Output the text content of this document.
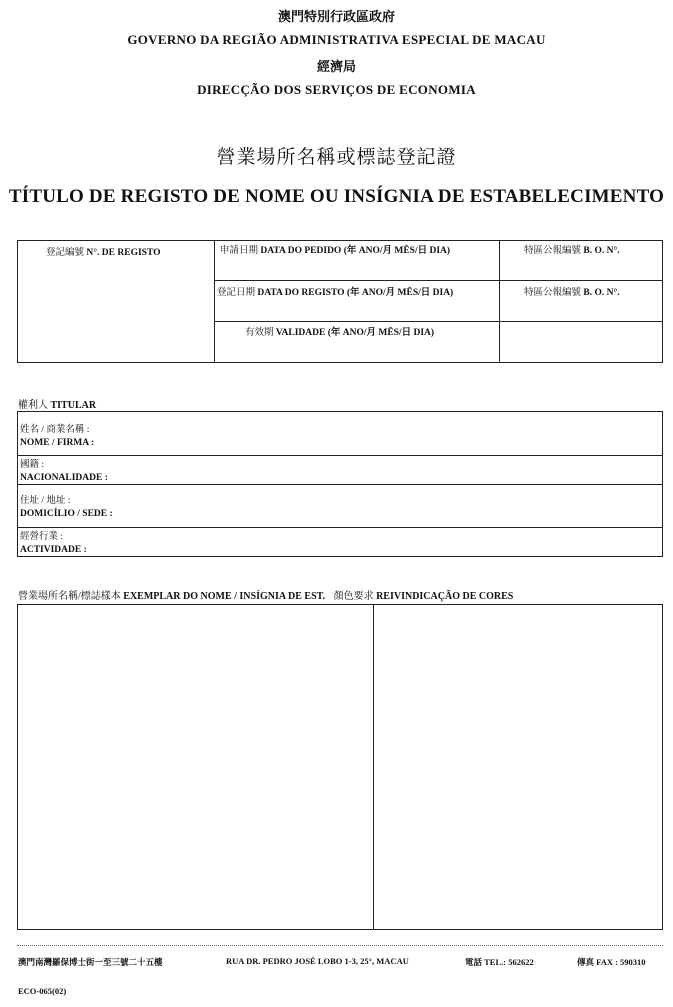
澳門特別行政區政府
GOVERNO DA REGIÃO ADMINISTRATIVA ESPECIAL DE MACAU
經濟局
DIRECÇÃO DOS SERVIÇOS DE ECONOMIA
營業場所名稱或標誌登記證
TÍTULO DE REGISTO DE NOME OU INSÍGNIA DE ESTABELECIMENTO
登記編號 N°. DE REGISTO	申請日期 DATA DO PEDIDO (年 ANO/月 MÊS/日 DIA)	特區公報編號 B. O. N°.
登記日期 DATA DO REGISTO (年 ANO/月 MÊS/日 DIA)	特區公報編號 B. O. N°.
有效期 VALIDADE (年 ANO/月 MÊS/日 DIA)
權利人 TITULAR
姓名 / 商業名稱 :
NOME / FIRMA :
國籍 :
NACIONALIDADE :
住址 / 地址 :
DOMICÍLIO / SEDE :
經營行業 :
ACTIVIDADE :
營業場所名稱/標誌樣本 EXEMPLAR DO NOME / INSÍGNIA DE EST. 顏色要求 REIVINDICAÇÃO DE CORES
澳門南灣羅保博士街一至三號二十五樓	RUA DR. PEDRO JOSÉ LOBO 1-3, 25°, MACAU	電話 TEL.: 562622	傳真 FAX : 590310
ECO-065(02)
